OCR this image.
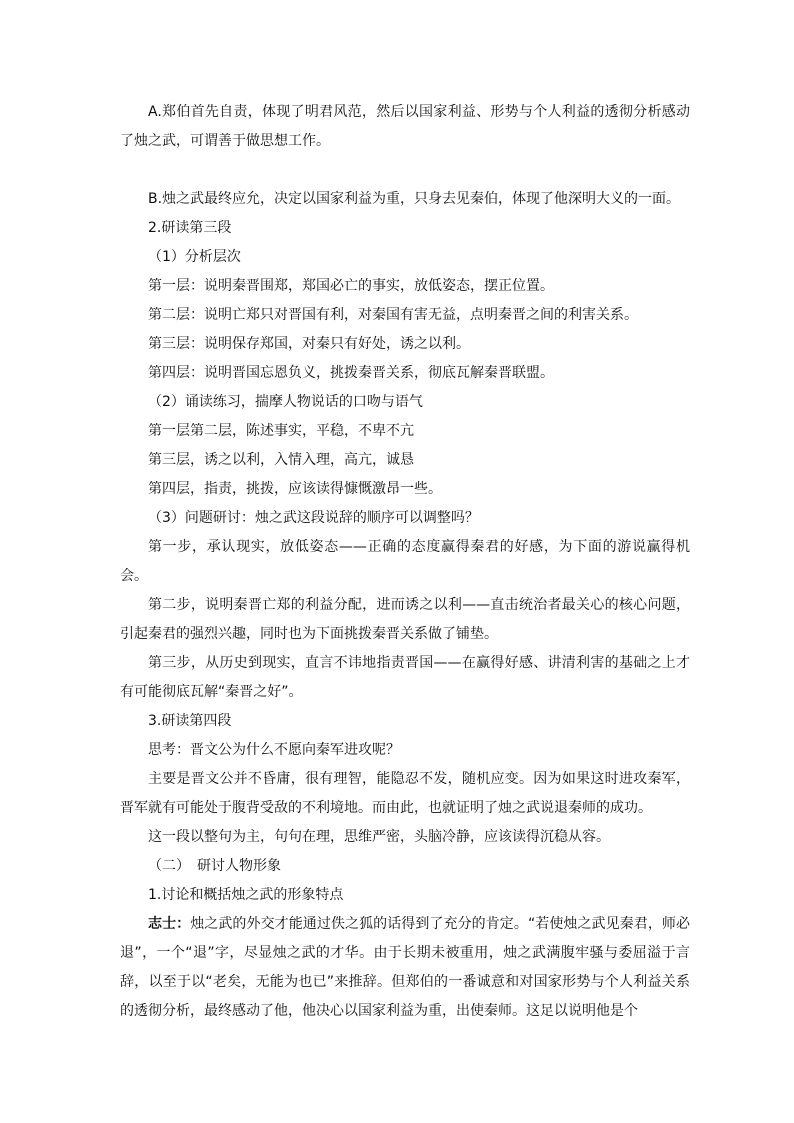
A.郑伯首先自责，体现了明君风范，然后以国家利益、形势与个人利益的透彻分析感动了烛之武，可谓善于做思想工作。

B.烛之武最终应允，决定以国家利益为重，只身去见秦伯，体现了他深明大义的一面。

2.研读第三段

（1）分析层次

第一层：说明秦晋围郑，郑国必亡的事实，放低姿态，摆正位置。

第二层：说明亡郑只对晋国有利，对秦国有害无益，点明秦晋之间的利害关系。

第三层：说明保存郑国，对秦只有好处，诱之以利。

第四层：说明晋国忘恩负义，挑拨秦晋关系，彻底瓦解秦晋联盟。

（2）诵读练习，揣摩人物说话的口吻与语气

第一层第二层，陈述事实，平稳，不卑不亢

第三层，诱之以利，入情入理，高亢，诚恳

第四层，指责，挑拨，应该读得慷慨激昂一些。

（3）问题研讨：烛之武这段说辞的顺序可以调整吗？

第一步，承认现实，放低姿态——正确的态度赢得秦君的好感，为下面的游说赢得机会。

第二步，说明秦晋亡郑的利益分配，进而诱之以利——直击统治者最关心的核心问题，引起秦君的强烈兴趣，同时也为下面挑拨秦晋关系做了铺垫。

第三步，从历史到现实，直言不讳地指责晋国——在赢得好感、讲清利害的基础之上才有可能彻底瓦解“秦晋之好”。

3.研读第四段

思考：晋文公为什么不愿向秦军进攻呢？

主要是晋文公并不昏庸，很有理智，能隐忍不发，随机应变。因为如果这时进攻秦军，晋军就有可能处于腹背受敌的不利境地。而由此，也就证明了烛之武说退秦师的成功。

这一段以整句为主，句句在理，思维严密，头脑冷静，应该读得沉稳从容。

（二）　研讨人物形象

1.讨论和概括烛之武的形象特点

志士：烛之武的外交才能通过佚之狐的话得到了充分的肯定。“若使烛之武见秦君，师必退”，一个“退”字，尽显烛之武的才华。由于长期未被重用，烛之武满腹牢骚与委屈溢于言辞，以至于以“老矣，无能为也已”来推辞。但郑伯的一番诚意和对国家形势与个人利益关系的透彻分析，最终感动了他，他决心以国家利益为重，出使秦师。这足以说明他是个
